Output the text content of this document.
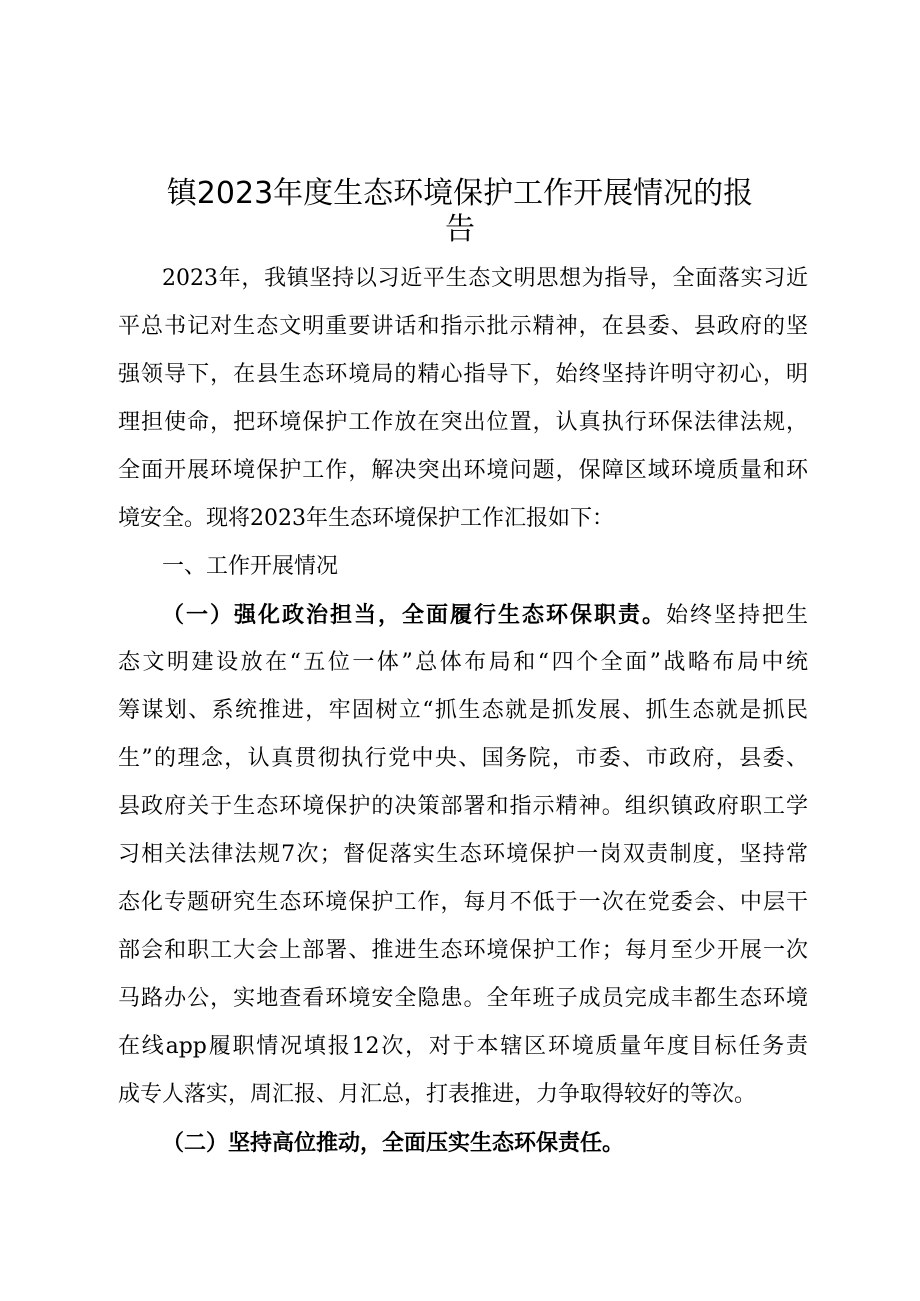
镇2023年度生态环境保护工作开展情况的报
告
2023年，我镇坚持以习近平生态文明思想为指导，全面落实习近
平总书记对生态文明重要讲话和指示批示精神，在县委、县政府的坚
强领导下，在县生态环境局的精心指导下，始终坚持许明守初心，明
理担使命，把环境保护工作放在突出位置，认真执行环保法律法规，
全面开展环境保护工作，解决突出环境问题，保障区域环境质量和环
境安全。现将2023年生态环境保护工作汇报如下：
一、工作开展情况
（一）强化政治担当，全面履行生态环保职责。始终坚持把生
态文明建设放在“五位一体”总体布局和“四个全面”战略布局中统
筹谋划、系统推进，牢固树立“抓生态就是抓发展、抓生态就是抓民
生”的理念，认真贯彻执行党中央、国务院，市委、市政府，县委、
县政府关于生态环境保护的决策部署和指示精神。组织镇政府职工学
习相关法律法规7次；督促落实生态环境保护一岗双责制度，坚持常
态化专题研究生态环境保护工作，每月不低于一次在党委会、中层干
部会和职工大会上部署、推进生态环境保护工作；每月至少开展一次
马路办公，实地查看环境安全隐患。全年班子成员完成丰都生态环境
在线app履职情况填报12次，对于本辖区环境质量年度目标任务责
成专人落实，周汇报、月汇总，打表推进，力争取得较好的等次。
（二）坚持高位推动，全面压实生态环保责任。
